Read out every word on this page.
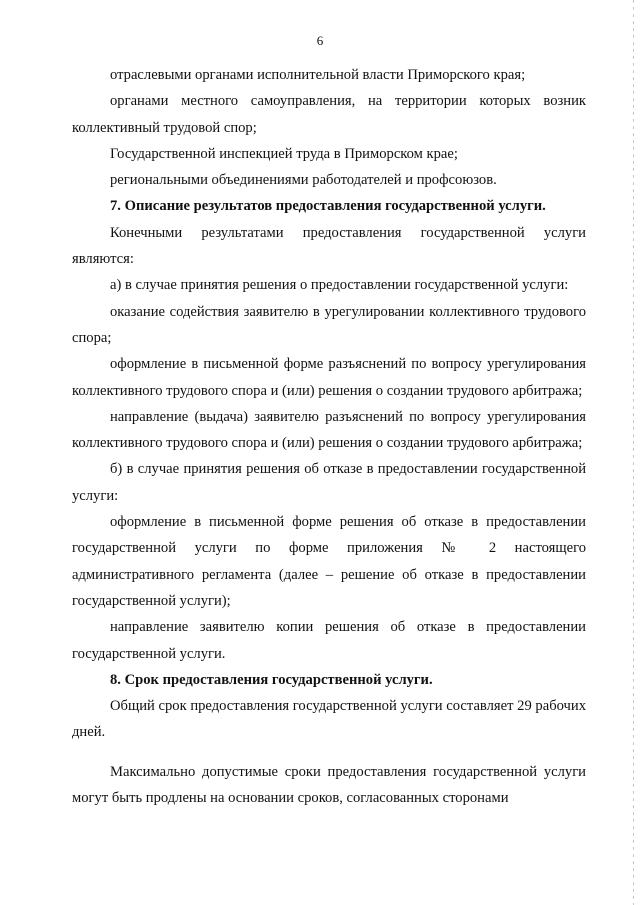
6

отраслевыми органами исполнительной власти Приморского края;

органами местного самоуправления, на территории которых возник коллективный трудовой спор;

Государственной инспекцией труда в Приморском крае;

региональными объединениями работодателей и профсоюзов.

7. Описание результатов предоставления государственной услуги.

Конечными результатами предоставления государственной услуги являются:

а) в случае принятия решения о предоставлении государственной услуги:

оказание содействия заявителю в урегулировании коллективного трудового спора;

оформление в письменной форме разъяснений по вопросу урегулирования коллективного трудового спора и (или) решения о создании трудового арбитража;

направление (выдача) заявителю разъяснений по вопросу урегулирования коллективного трудового спора и (или) решения о создании трудового арбитража;

б) в случае принятия решения об отказе в предоставлении государственной услуги:

оформление в письменной форме решения об отказе в предоставлении государственной услуги по форме приложения № 2 настоящего административного регламента (далее – решение об отказе в предоставлении государственной услуги);

направление заявителю копии решения об отказе в предоставлении государственной услуги.

8. Срок предоставления государственной услуги.

Общий срок предоставления государственной услуги составляет 29 рабочих дней.

Максимально допустимые сроки предоставления государственной услуги могут быть продлены на основании сроков, согласованных сторонами
